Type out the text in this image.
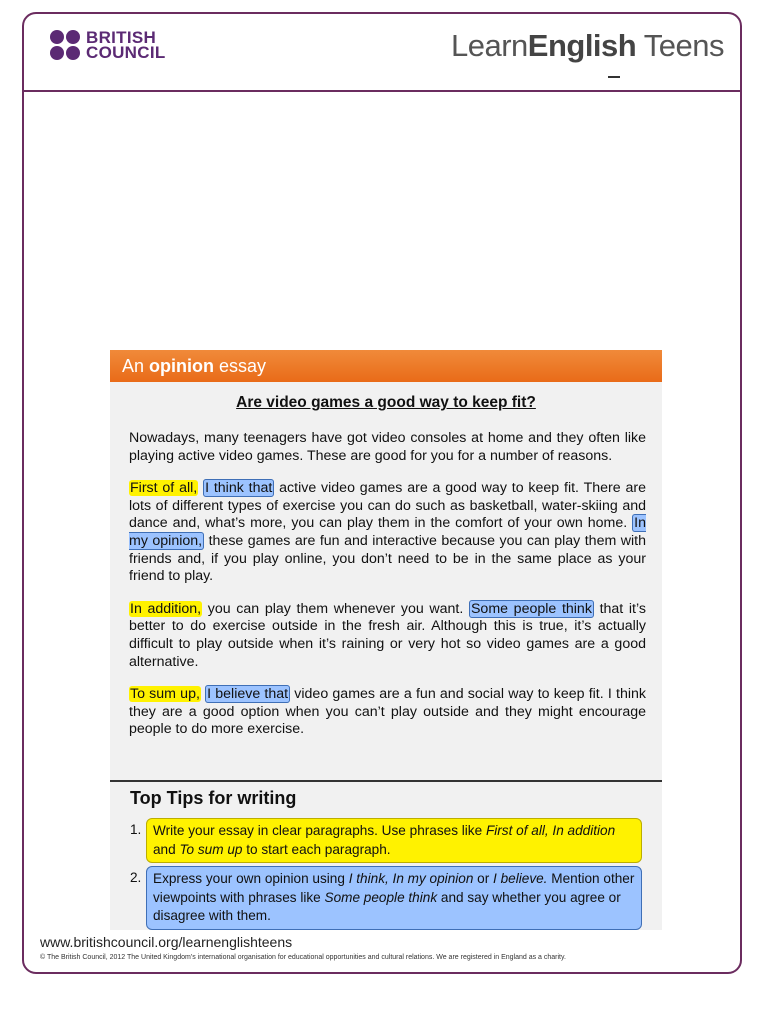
BRITISH
COUNCIL	LearnEnglish Teens
An opinion essay
Are video games a good way to keep fit?

Nowadays, many teenagers have got video consoles at home and they often like playing active video games. These are good for you for a number of reasons.

First of all, I think that active video games are a good way to keep fit. There are lots of different types of exercise you can do such as basketball, water-skiing and dance and, what’s more, you can play them in the comfort of your own home. In my opinion, these games are fun and interactive because you can play them with friends and, if you play online, you don’t need to be in the same place as your friend to play.

In addition, you can play them whenever you want. Some people think that it’s better to do exercise outside in the fresh air. Although this is true, it’s actually difficult to play outside when it’s raining or very hot so video games are a good alternative.

To sum up, I believe that video games are a fun and social way to keep fit. I think they are a good option when you can’t play outside and they might encourage people to do more exercise.

Top Tips for writing
1. Write your essay in clear paragraphs. Use phrases like First of all, In addition and To sum up to start each paragraph.
2. Express your own opinion using I think, In my opinion or I believe. Mention other viewpoints with phrases like Some people think and say whether you agree or disagree with them.
www.britishcouncil.org/learnenglishteens
© The British Council, 2012 The United Kingdom’s international organisation for educational opportunities and cultural relations. We are registered in England as a charity.
